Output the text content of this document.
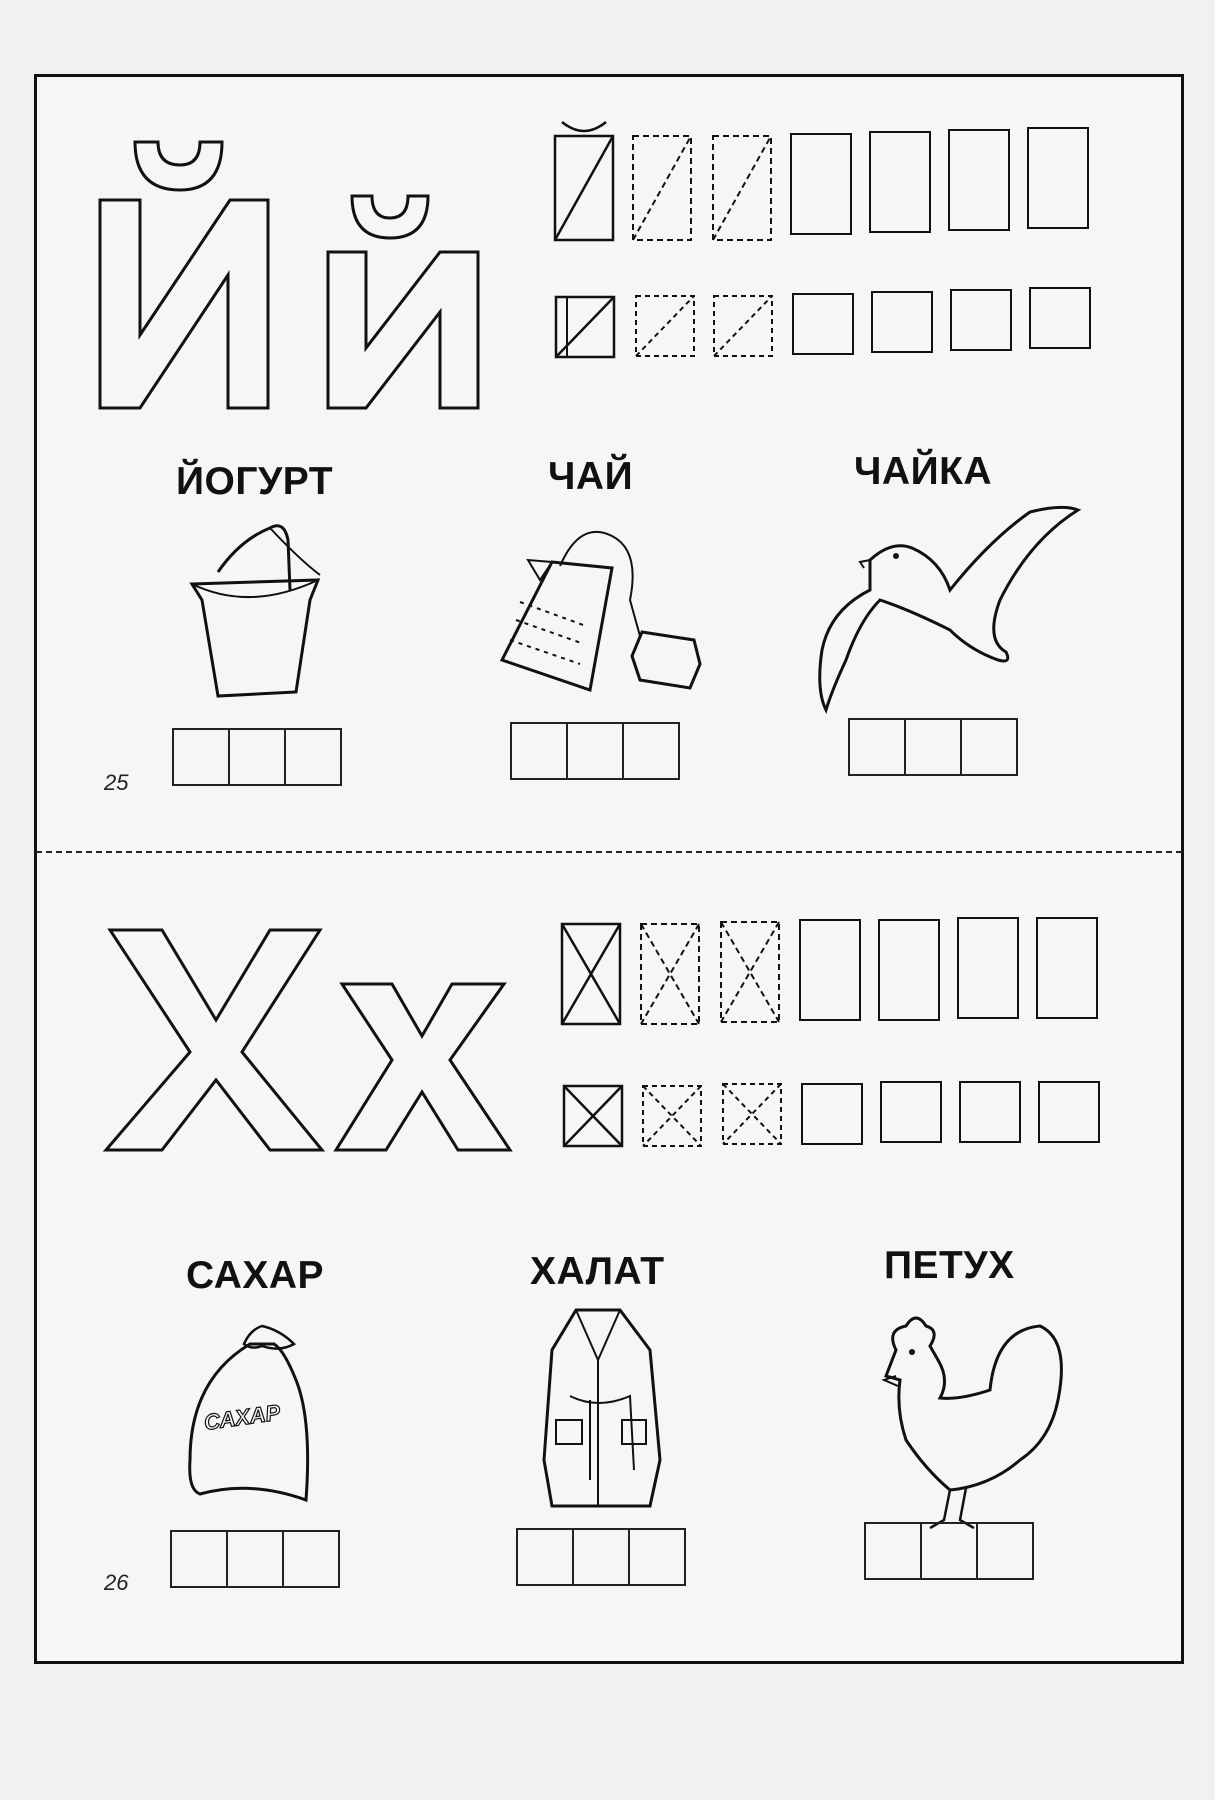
ЙОГУРТ	ЧАЙ	ЧАЙКА
25
САХАР	ХАЛАТ	ПЕТУХ
САХАР
26
